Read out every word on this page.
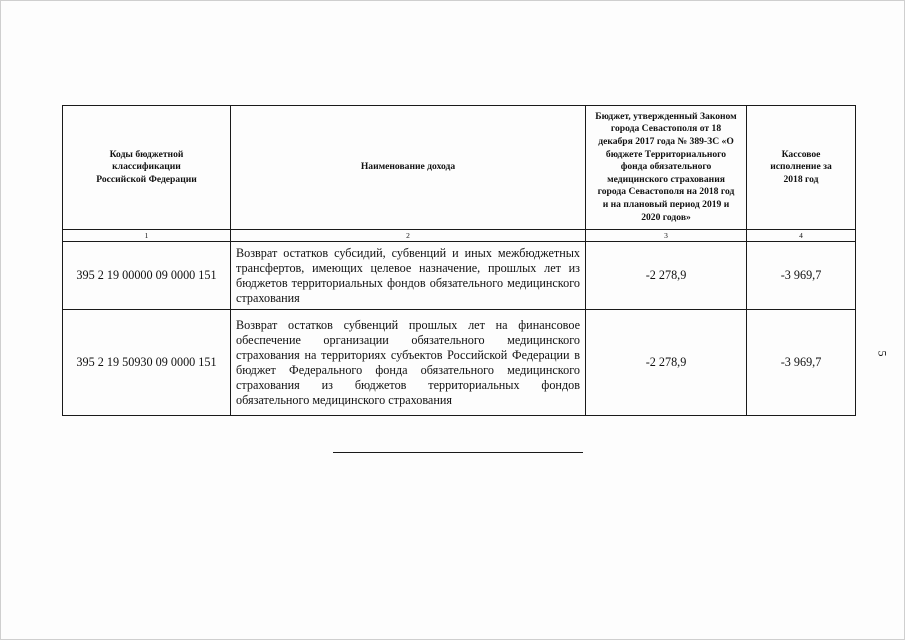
Коды бюджетной классификации Российской Федерации	Наименование дохода	Бюджет, утвержденный Законом города Севастополя от 18 декабря 2017 года № 389-ЗС «О бюджете Территориального фонда обязательного медицинского страхования города Севастополя на 2018 год и на плановый период 2019 и 2020 годов»	Кассовое исполнение за 2018 год

1	2	3	4
395 2 19 00000 09 0000 151	Возврат остатков субсидий, субвенций и иных межбюджетных трансфертов, имеющих целевое назначение, прошлых лет из бюджетов территориальных фондов обязательного медицинского страхования	-2 278,9	-3 969,7
395 2 19 50930 09 0000 151	Возврат остатков субвенций прошлых лет на финансовое обеспечение организации обязательного медицинского страхования на территориях субъектов Российской Федерации в бюджет Федерального фонда обязательного медицинского страхования из бюджетов территориальных фондов обязательного медицинского страхования	-2 278,9	-3 969,7
5
